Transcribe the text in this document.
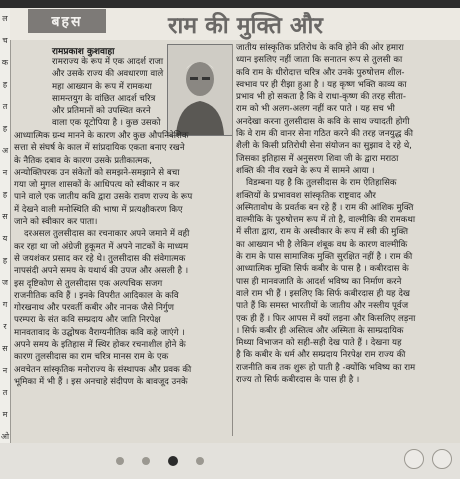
ल
च
क
ह
त
ह
अ
न
ह
स
य
ह
ज
ग
र
स
न
त
म
ओ
बहस	राम की मुक्ति और
रामप्रकाश कुशवाहा

रामराज्य के रूप में एक आदर्श राजा

और उसके राज्य की अवधारणा वाले

महा आख्यान के रूप में रामकथा

सामन्तयुग के वांछित आदर्श चरित्र

और प्रतिमानों को उपस्थित करने

वाला एक यूटोपिया है । कुछ उसको

आध्यात्मिक ग्रन्थ मानने के कारण और कुछ औपनिवेशिक

सत्ता से संघर्ष के काल में सांप्रदायिक एकता बनाए रखने

के नैतिक दबाव के कारण उसके प्रतीकात्मक,

अन्योक्तिपरक उन संकेतों को समझने-समझाने से बचा

गया जो मुगल शासकों के आधिपत्य को स्वीकार न कर

पाने वाले एक जातीय कवि द्वारा उसके रावण राज्य के रूप

में देखने वाली मनोस्थिति की भाषा में प्रत्यक्षीकरण किए

जाने को स्वीकार कर पाता।

दरअसल तुलसीदास का रचनाकार अपने जमाने में वही

कर रहा था जो अंग्रेजी हुकूमत में अपने नाटकों के माध्यम

से जयशंकर प्रसाद कर रहे थे। तुलसीदास की संवेगात्मक

नापसंदी अपने समय के यथार्थ की उपज और असली है ।

इस दृष्टिकोण से तुलसीदास एक अल्पचिक सजग

राजनीतिक कवि हैं । इनके विपरीत आदिकाल के कवि

गोरखनाथ और परवर्ती कबीर और नानक जैसे निर्गुण

परम्परा के संत कवि सम्प्रदाय और जाति निरपेक्ष

मानवतावाद के उद्घोषक वैराग्यनीतिक कवि कहे जाएंगे ।

अपने समय के इतिहास में स्थिर होकर रचनाशील होने के

कारण तुलसीदास का राम चरित्र मानस राम के एक

अवचेतन सांस्कृतिक मनोराज्य के संस्थापक और प्रवक की

भूमिका में भी हैं । इस अनचाहे संदीपण के बावजूद उनके

जातीय सांस्कृतिक प्रतिरोध के कवि होने की ओर हमारा

ध्यान इसलिए नहीं जाता कि सनातन रूप से तुलसी का

कवि राम के धीरोदात्त चरित्र और उनके पुरुषोत्तम शील-

स्वभाव पर ही रीझा हुआ है । यह कृष्ण भक्ति काव्य का

प्रभाव भी हो सकता है कि वे राधा-कृष्ण की तरह सीता-

राम को भी अलग-अलग नहीं कर पाते । यह सच भी

अनदेखा करना तुलसीदास के कवि के साथ ज्यादती होगी

कि वे राम की वानर सेना गठित करने की तरह जनयुद्ध की

शैली के किसी प्रतिरोधी सेना संयोजन का सुझाव दे रहे थे,

जिसका इतिहास में अनुसरण शिवा जी के द्वारा मराठा

शक्ति की नीव रखने के रूप में सामने आया ।

विडम्बना यह है कि तुलसीदास के राम ऐतिहासिक

शक्तियों के प्रभाववश सांस्कृतिक राष्ट्रवाद और

अस्मितावोध के प्रवर्तक बन रहे हैं । राम की आंशिक मुक्ति

वाल्मीकि के पुरुषोत्तम रूप में तो है, वाल्मीकि की रामकथा

में सीता द्वारा, राम के अस्वीकार के रूप में स्त्री की मुक्ति

का आख्यान भी है लेकिन शंबूक वध के कारण वाल्मीकि

के राम के पास सामाजिक मुक्ति सुरक्षित नहीं है । राम की

आध्यात्मिक मुक्ति सिर्फ कबीर के पास है । कबीरदास के

पास ही मानवजाति के आदर्श भविष्य का निर्माण करने

वाले राम भी हैं । इसलिए कि सिर्फ कबीरदास ही यह देख

पाते हैं कि समस्त भारतीयों के जातीय और नस्लीय पूर्वज

एक ही हैं । फिर आपस में क्यों लड़ना और किसलिए लड़ना

। सिर्फ कबीर ही अस्तित्व और अस्मिता के साम्प्रदायिक

मिथ्या विभाजन को सही-सही देख पाते हैं । देखना यह

है कि कबीर के धर्म और सम्प्रदाय निरपेक्ष राम राज्य की

राजनीति कब तक शुरू हो पाती है -क्योंकि भविष्य का राम

राज्य तो सिर्फ कबीरदास के पास ही है ।
